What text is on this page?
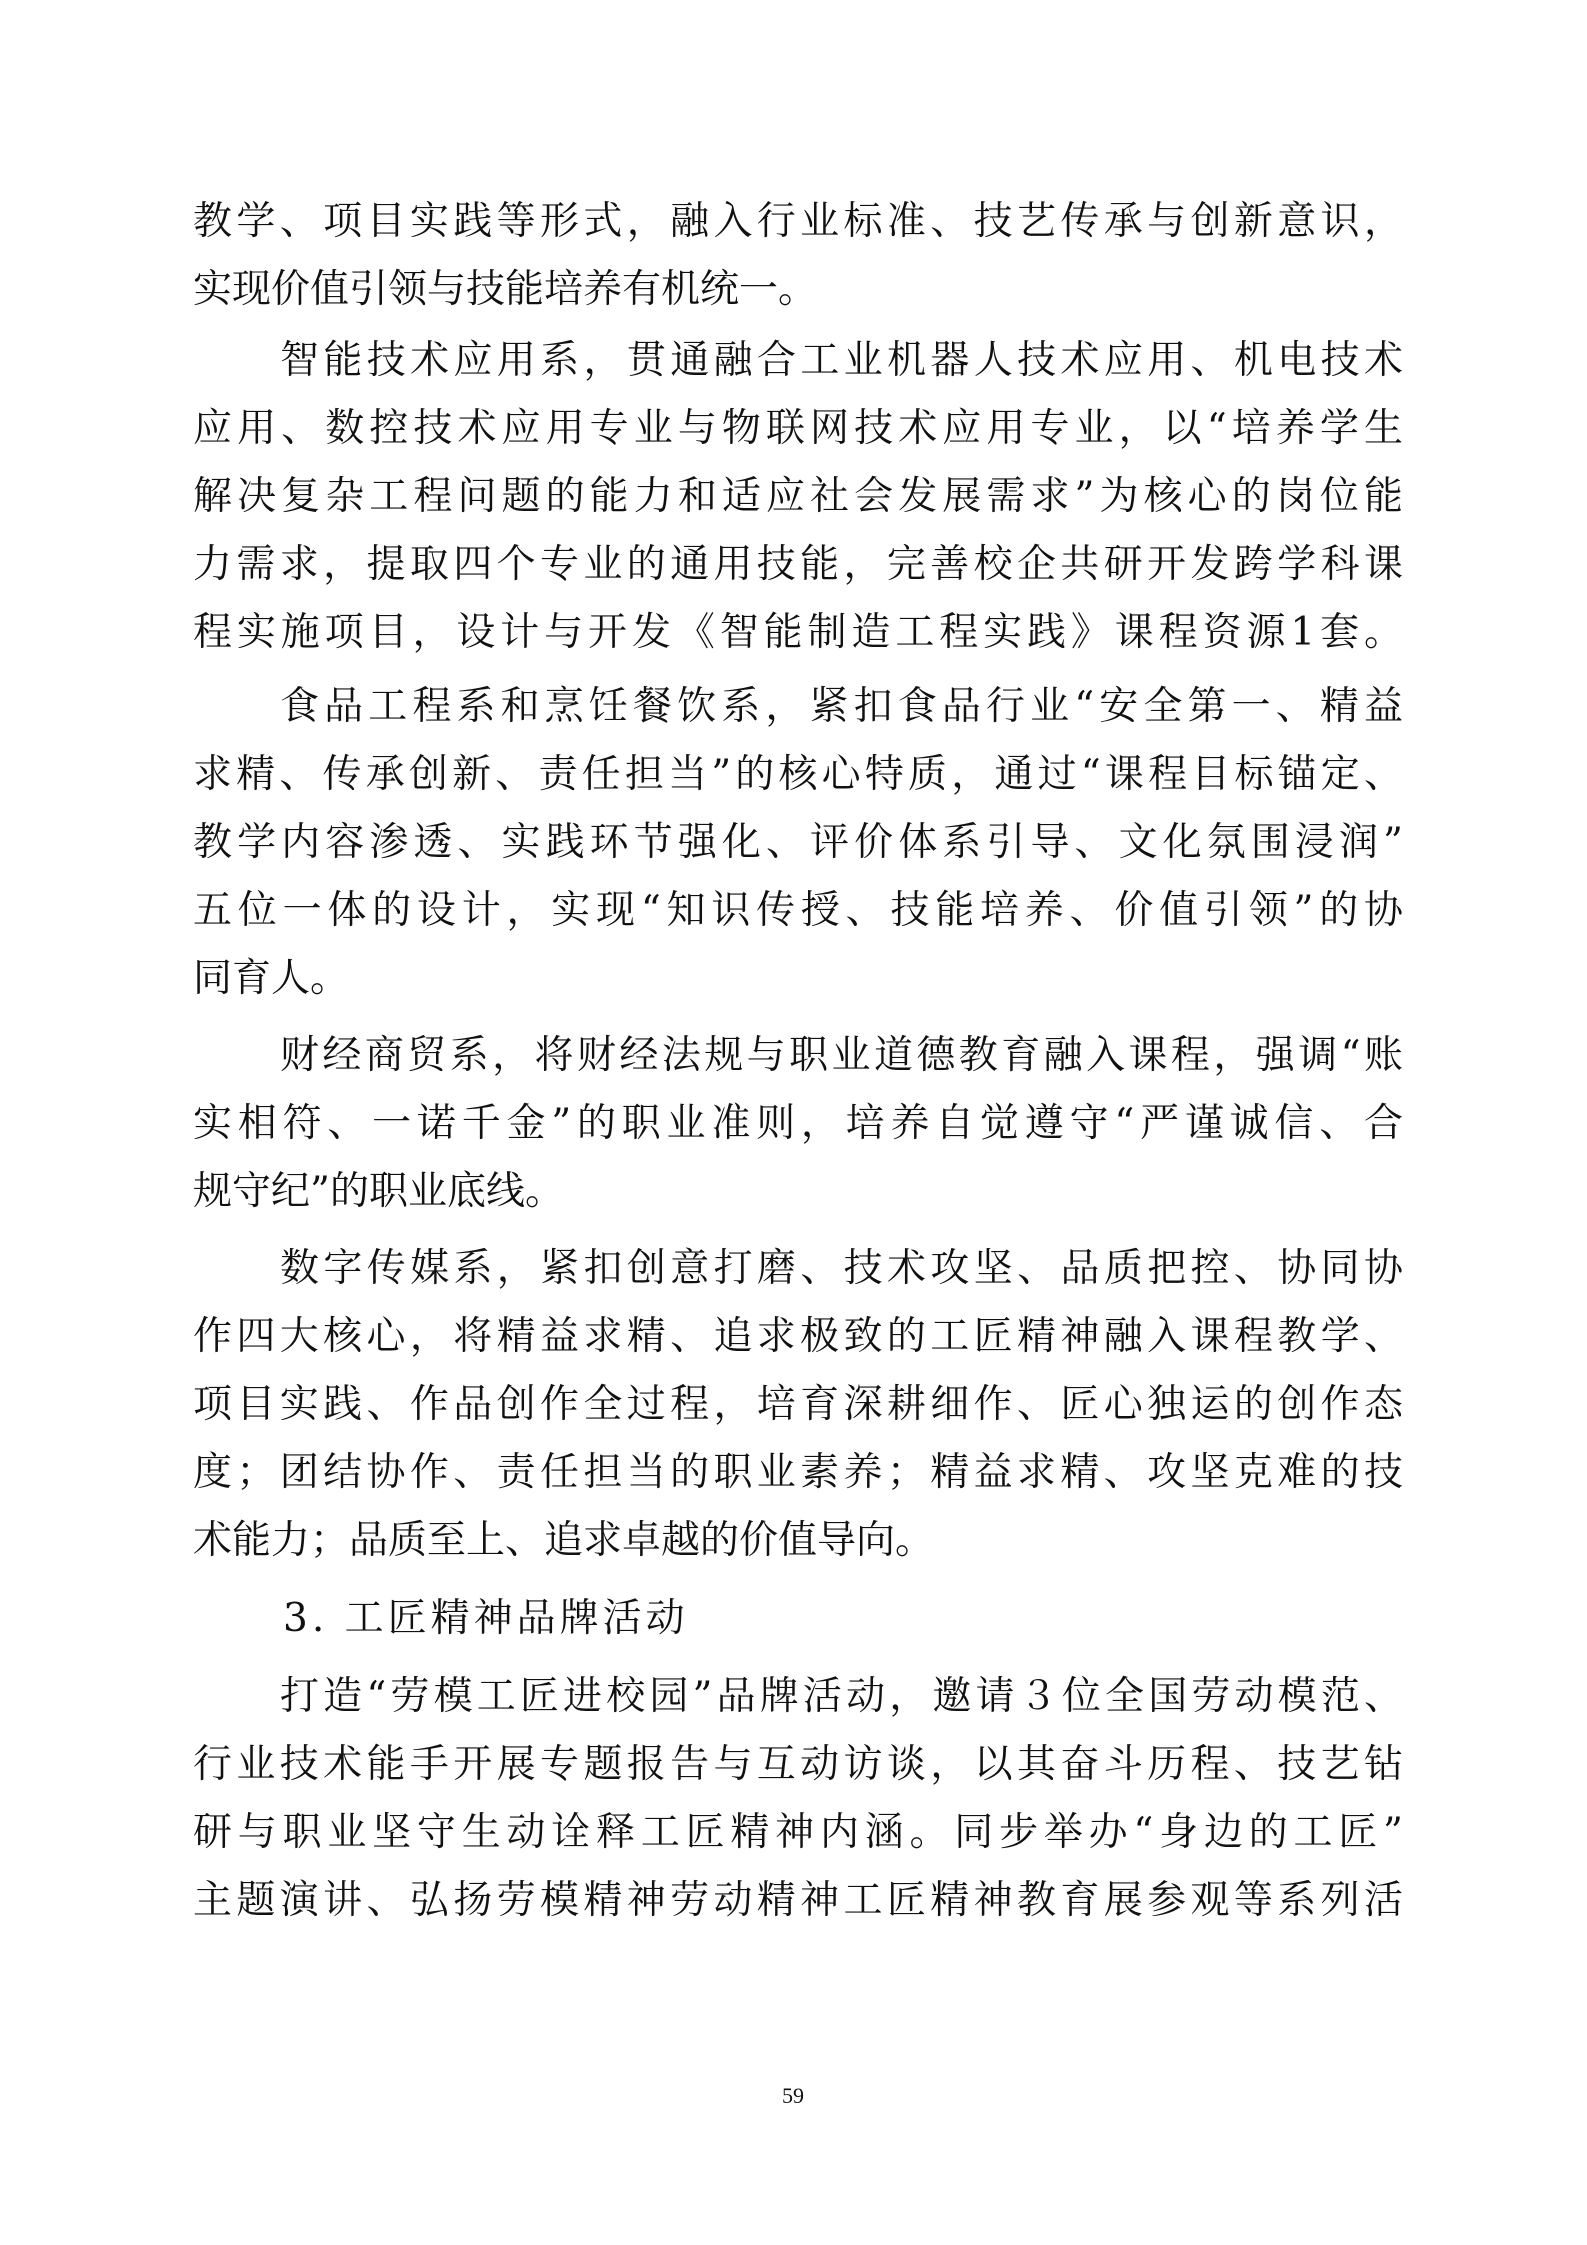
教学、项目实践等形式，融入行业标准、技艺传承与创新意识，
实现价值引领与技能培养有机统一。
智能技术应用系，贯通融合工业机器人技术应用、机电技术
应用、数控技术应用专业与物联网技术应用专业，以“培养学生
解决复杂工程问题的能力和适应社会发展需求”为核心的岗位能
力需求，提取四个专业的通用技能，完善校企共研开发跨学科课
程实施项目，设计与开发《智能制造工程实践》课程资源1套。
食品工程系和烹饪餐饮系，紧扣食品行业“安全第一、精益
求精、传承创新、责任担当”的核心特质，通过“课程目标锚定、
教学内容渗透、实践环节强化、评价体系引导、文化氛围浸润”
五位一体的设计，实现“知识传授、技能培养、价值引领”的协
同育人。
财经商贸系，将财经法规与职业道德教育融入课程，强调“账
实相符、一诺千金”的职业准则，培养自觉遵守“严谨诚信、合
规守纪”的职业底线。
数字传媒系，紧扣创意打磨、技术攻坚、品质把控、协同协
作四大核心，将精益求精、追求极致的工匠精神融入课程教学、
项目实践、作品创作全过程，培育深耕细作、匠心独运的创作态
度；团结协作、责任担当的职业素养；精益求精、攻坚克难的技
术能力；品质至上、追求卓越的价值导向。
3. 工匠精神品牌活动
打造“劳模工匠进校园”品牌活动，邀请３位全国劳动模范、
行业技术能手开展专题报告与互动访谈，以其奋斗历程、技艺钻
研与职业坚守生动诠释工匠精神内涵。同步举办“身边的工匠”
主题演讲、弘扬劳模精神劳动精神工匠精神教育展参观等系列活
59
